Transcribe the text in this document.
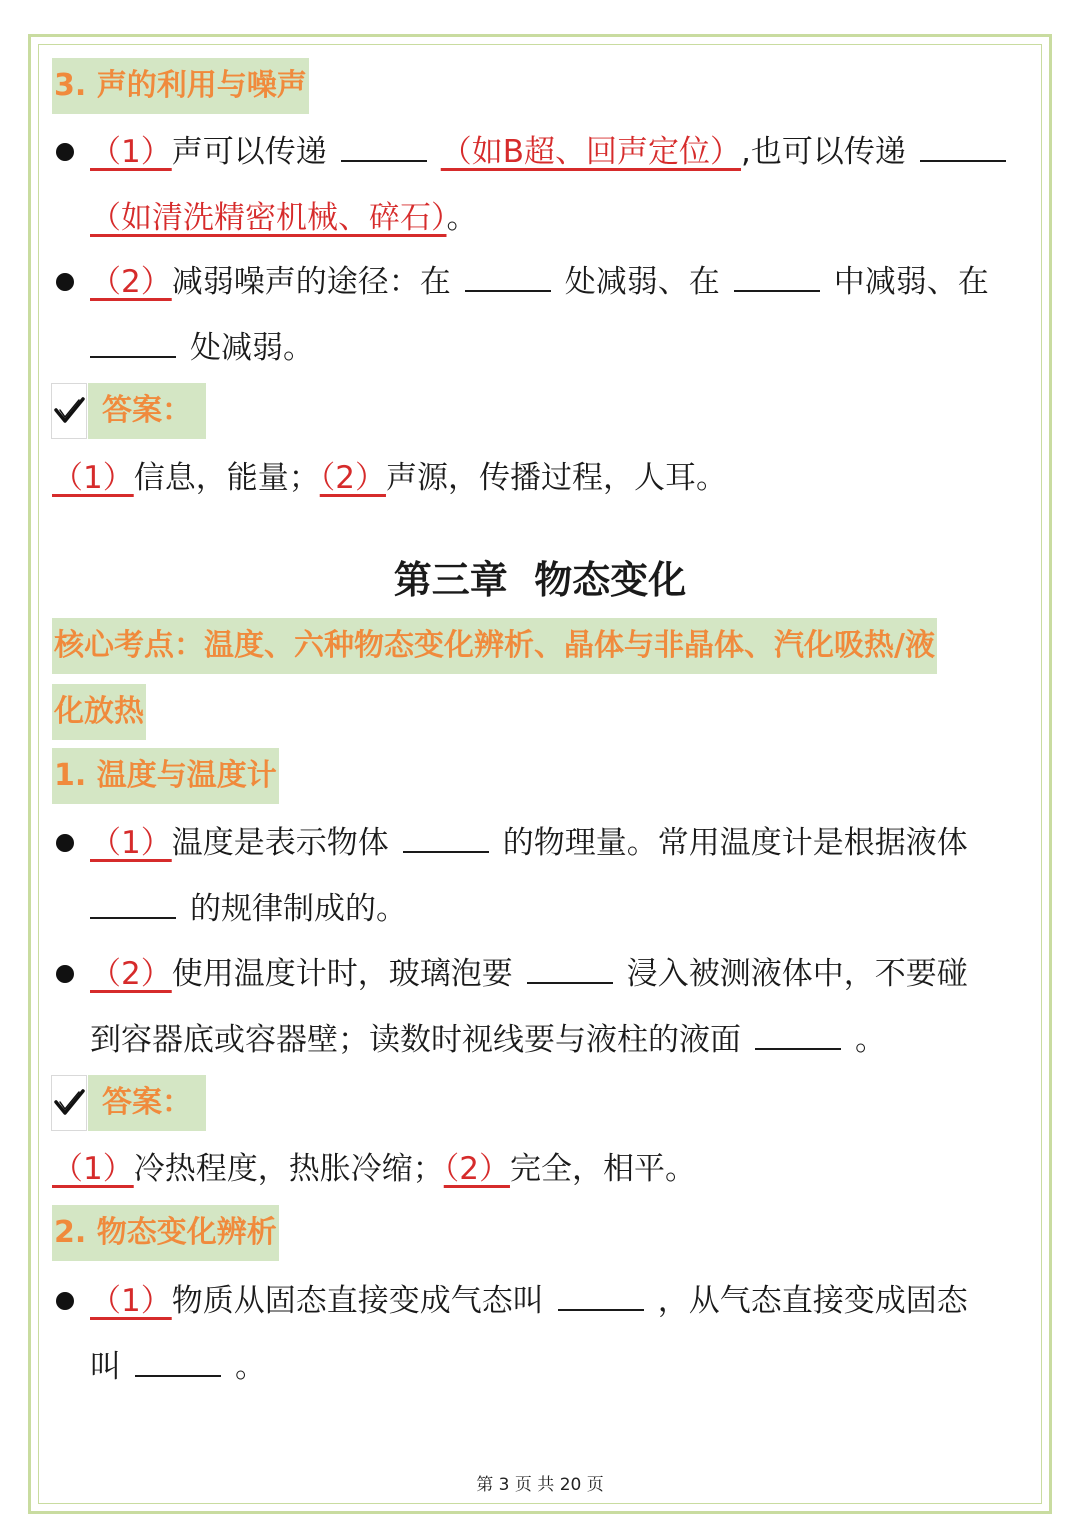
3. 声的利用与噪声
（1）声可以传递	（如B超、回声定位）,也可以传递
（如清洗精密机械、碎石）。
（2）减弱噪声的途径：在	处减弱、在	中减弱、在
处减弱。
答案：
（1）信息，能量；（2）声源，传播过程，人耳。
第三章  物态变化
核心考点：温度、六种物态变化辨析、晶体与非晶体、汽化吸热/液
化放热
1. 温度与温度计
（1）温度是表示物体	的物理量。常用温度计是根据液体
的规律制成的。
（2）使用温度计时，玻璃泡要	浸入被测液体中，不要碰
到容器底或容器壁；读数时视线要与液柱的液面	。
答案：
（1）冷热程度，热胀冷缩；（2）完全，相平。
2. 物态变化辨析
（1）物质从固态直接变成气态叫	，从气态直接变成固态
叫	。
第 3 页 共 20 页
